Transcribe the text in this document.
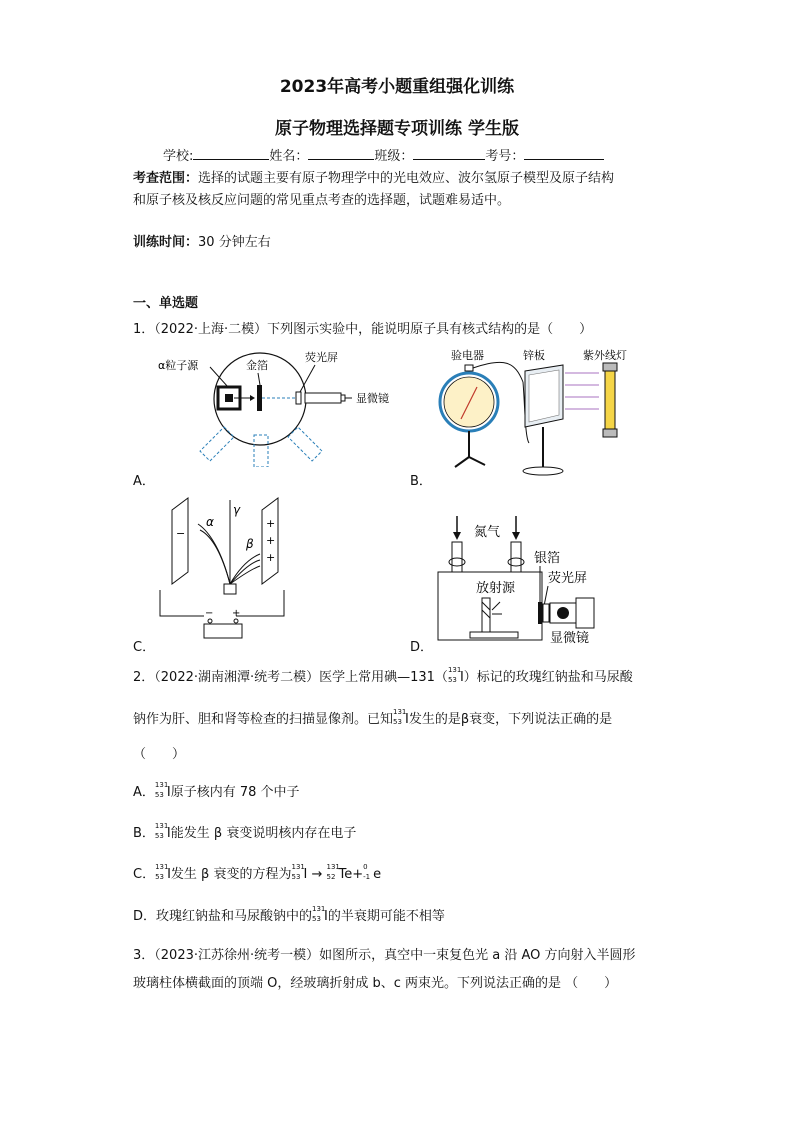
2023年高考小题重组强化训练
原子物理选择题专项训练 学生版
学校:	姓名：	班级：	考号：
考查范围：选择的试题主要有原子物理学中的光电效应、波尔氢原子模型及原子结构
和原子核及核反应问题的常见重点考查的选择题，试题难易适中。
训练时间：30 分钟左右
一、单选题
1．（2022·上海·二模）下列图示实验中，能说明原子具有核式结构的是（　　）
显微镜
α粒子源	金箔
荧光屏
A．
验电器	锌板	紫外线灯
B．
−
+
+
+
α
γ
β
− +
C．
氮气
放射源
银箔
荧光屏
显微镜
D．
2．（2022·湖南湘潭·统考二模）医学上常用碘—131（ 131
53 I）标记的玫瑰红钠盐和马尿酸
钠作为肝、胆和肾等检查的扫描显像剂。已知 131
53 I发生的是β衰变，下列说法正确的是
（　　）
A． 131
53 I原子核内有 78 个中子
B． 131
53 I能发生 β 衰变说明核内存在电子
C． 131
53 I发生 β 衰变的方程为 131
53 I → 131
52 Te+ 0
-1 e
D．玫瑰红钠盐和马尿酸钠中的 131
53 I的半衰期可能不相等
3．（2023·江苏徐州·统考一模）如图所示，真空中一束复色光 a 沿 AO 方向射入半圆形
玻璃柱体横截面的顶端 O，经玻璃折射成 b、c 两束光。下列说法正确的是 （　　）
